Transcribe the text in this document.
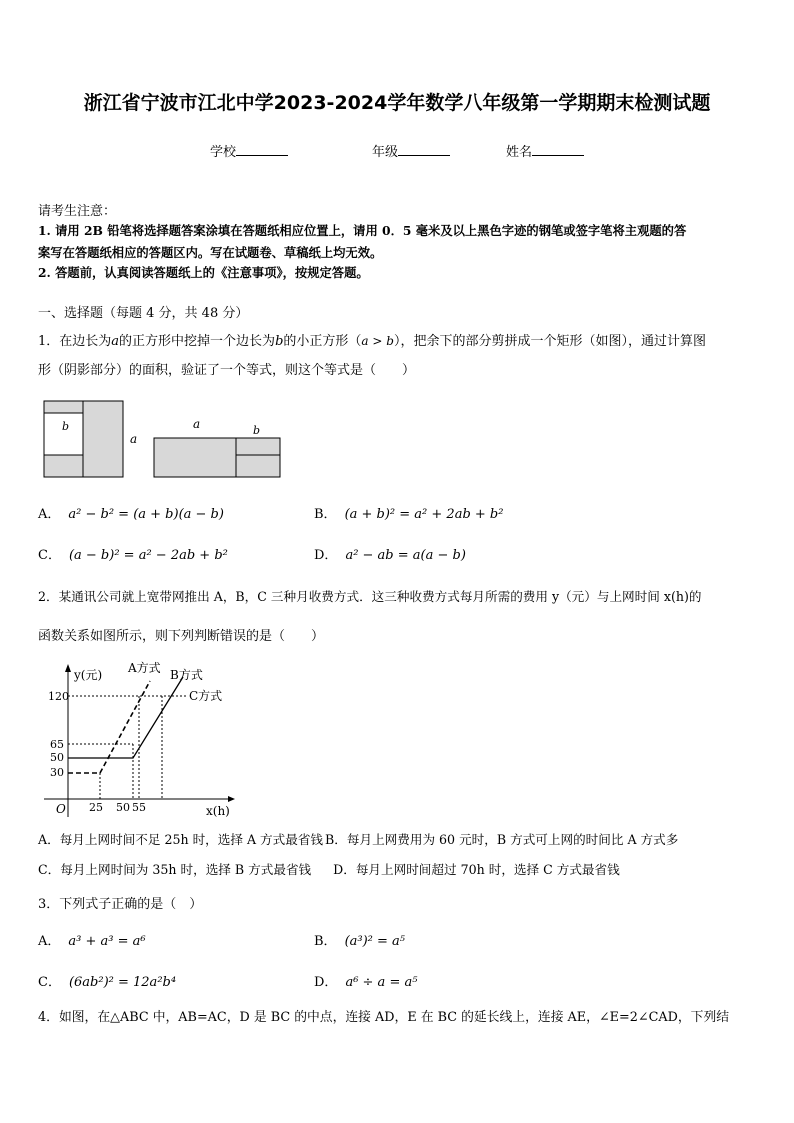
浙江省宁波市江北中学2023-2024学年数学八年级第一学期期末检测试题
学校	年级	姓名
请考生注意：
1. 请用 2B 铅笔将选择题答案涂填在答题纸相应位置上，请用 0．5 毫米及以上黑色字迹的钢笔或签字笔将主观题的答
案写在答题纸相应的答题区内。写在试题卷、草稿纸上均无效。
2. 答题前，认真阅读答题纸上的《注意事项》，按规定答题。
一、选择题（每题 4 分，共 48 分）
1．在边长为a的正方形中挖掉一个边长为b的小正方形（a > b），把余下的部分剪拼成一个矩形（如图），通过计算图
形（阴影部分）的面积，验证了一个等式，则这个等式是（　　）
b
a
a	b
A． a² − b² = (a + b)(a − b)	B． (a + b)² = a² + 2ab + b²
C． (a − b)² = a² − 2ab + b²	D． a² − ab = a(a − b)
2．某通讯公司就上宽带网推出 A，B，C 三种月收费方式．这三种收费方式每月所需的费用 y（元）与上网时间 x(h)的
函数关系如图所示，则下列判断错误的是（　　）
y(元)
x(h)
O
120
65
50
30
25 50 55
A方式 B方式
C方式
A．每月上网时间不足 25h 时，选择 A 方式最省钱 B．每月上网费用为 60 元时，B 方式可上网的时间比 A 方式多
C．每月上网时间为 35h 时，选择 B 方式最省钱 D．每月上网时间超过 70h 时，选择 C 方式最省钱
3．下列式子正确的是（　）
A． a³ + a³ = a⁶	B． (a³)² = a⁵
C． (6ab²)² = 12a²b⁴	D． a⁶ ÷ a = a⁵
4．如图，在△ABC 中，AB=AC，D 是 BC 的中点，连接 AD，E 在 BC 的延长线上，连接 AE，∠E=2∠CAD，下列结
